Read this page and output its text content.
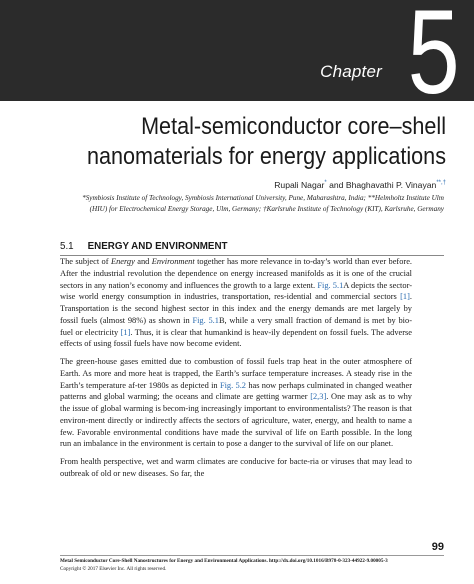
Chapter 5
Metal-semiconductor core–shell
nanomaterials for energy applications
Rupali Nagar* and Bhaghavathi P. Vinayan**,†
*Symbiosis Institute of Technology, Symbiosis International University, Pune, Maharashtra, India; **Helmholtz Institute Ulm
(HIU) for Electrochemical Energy Storage, Ulm, Germany; †Karlsruhe Institute of Technology (KIT), Karlsruhe, Germany
5.1 ENERGY AND ENVIRONMENT

The subject of Energy and Environment together has more relevance in to-day’s world than ever before. After the industrial revolution the dependence on energy increased manifolds as it is one of the crucial sectors in any nation’s economy and influences the growth to a large extent. Fig. 5.1A depicts the sector-wise world energy consumption in industries, transportation, res-idential and commercial sectors [1]. Transportation is the second highest sector in this index and the energy demands are met largely by fossil fuels (almost 98%) as shown in Fig. 5.1B, while a very small fraction of demand is met by bio-fuel or electricity [1]. Thus, it is clear that humankind is heav-ily dependent on fossil fuels. The adverse effects of using fossil fuels have now become evident.

The green-house gases emitted due to combustion of fossil fuels trap heat in the outer atmosphere of Earth. As more and more heat is trapped, the Earth’s surface temperature increases. A steady rise in the Earth’s temperature af-ter 1980s as depicted in Fig. 5.2 has now perhaps culminated in changed weather patterns and global warming; the oceans and climate are getting warmer [2,3]. One may ask as to why the issue of global warming is becom-ing increasingly important to environmentalists? The reason is that environ-ment directly or indirectly affects the sectors of agriculture, water, energy, and health to name a few. Favorable environmental conditions have made the survival of life on Earth possible. In the long run an imbalance in the environment is certain to pose a danger to the survival of life on our planet.

From health perspective, wet and warm climates are conducive for bacte-ria or viruses that may lead to outbreak of old or new diseases. So far, the

99
Metal Semiconductor Core-Shell Nanostructures for Energy and Environmental Applications. http://dx.doi.org/10.1016/B978-0-323-44922-9.00005-3
Copyright © 2017 Elsevier Inc. All rights reserved.
